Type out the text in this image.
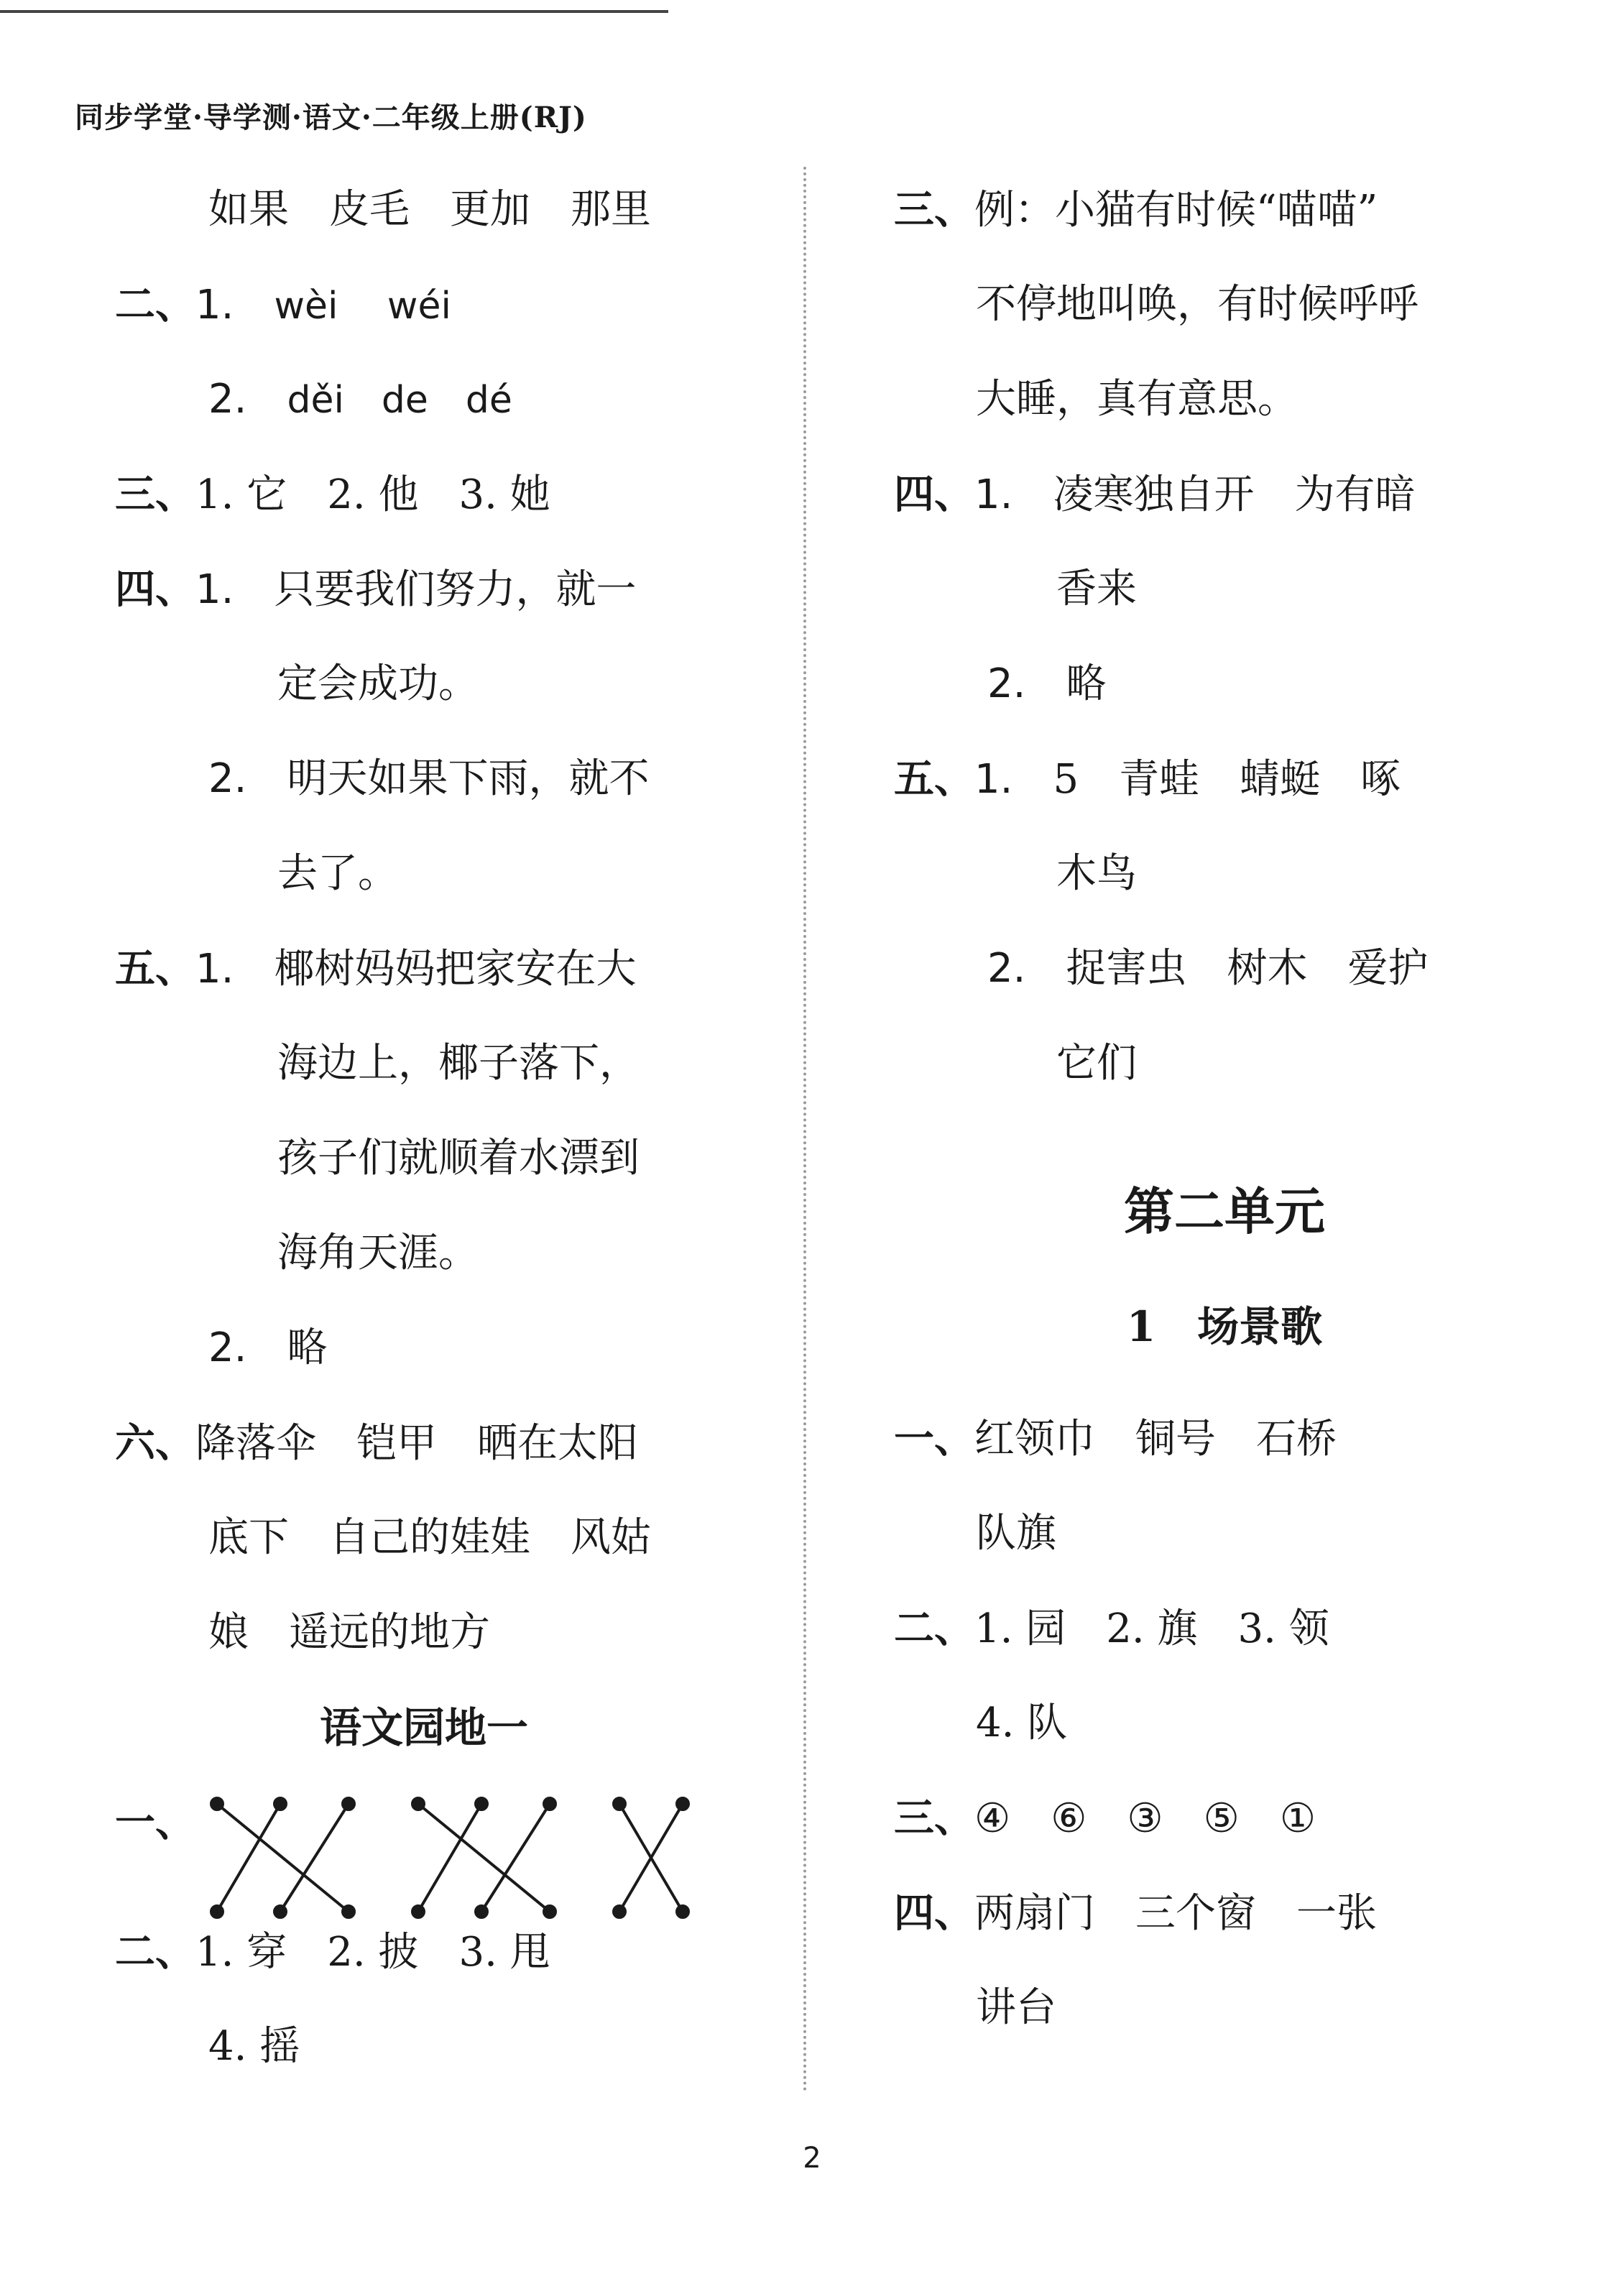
同步学堂·导学测·语文·二年级上册(RJ)
如果　皮毛　更加　那里
二、1. wèi　 wéi
2. děi　de　dé
三、1. 它　2. 他　3. 她
四、1. 只要我们努力，就一
定会成功。
2. 明天如果下雨，就不
去了。
五、1. 椰树妈妈把家安在大
海边上，椰子落下，
孩子们就顺着水漂到
海角天涯。
2. 略
六、降落伞　铠甲　晒在太阳
底下　自己的娃娃　风姑
娘　遥远的地方
语文园地一
一、
二、1. 穿　2. 披　3. 甩
4. 摇
三、例：小猫有时候“喵喵”
不停地叫唤，有时候呼呼
大睡，真有意思。
四、1. 凌寒独自开　为有暗
香来
2. 略
五、1. 5　青蛙　蜻蜓　啄
木鸟
2. 捉害虫　树木　爱护
它们
第二单元
1　场景歌
一、红领巾　铜号　石桥
队旗
二、1. 园　2. 旗　3. 领
4. 队
三、④　⑥　③　⑤　①
四、两扇门　三个窗　一张
讲台
2
